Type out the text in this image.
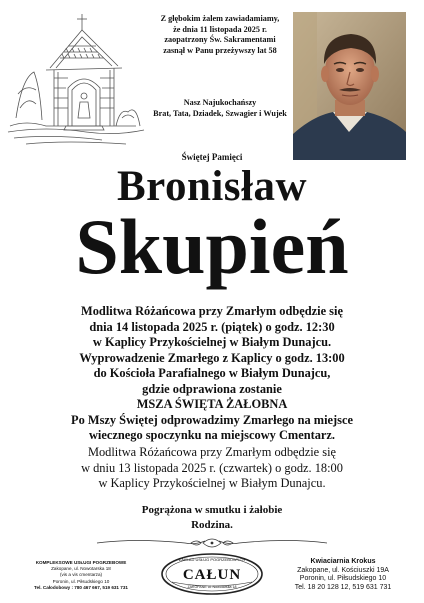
Z głębokim żalem zawiadamiamy,
że dnia 11 listopada 2025 r.
zaopatrzony Św. Sakramentami
zasnął w Panu przeżywszy lat 58
Nasz Najukochańszy
Brat, Tata, Dziadek, Szwagier i Wujek
Świętej Pamięci
Bronisław
Skupień
Modlitwa Różańcowa przy Zmarłym odbędzie się
dnia 14 listopada 2025 r. (piątek) o godz. 12:30
w Kaplicy Przykościelnej w Białym Dunajcu.
Wyprowadzenie Zmarłego z Kaplicy o godz. 13:00
do Kościoła Parafialnego w Białym Dunajcu,
gdzie odprawiona zostanie
MSZA ŚWIĘTA ŻAŁOBNA
Po Mszy Świętej odprowadzimy Zmarłego na miejsce
wiecznego spoczynku na miejscowy Cmentarz.
Modlitwa Różańcowa przy Zmarłym odbędzie się
w dniu 13 listopada 2025 r. (czwartek) o godz. 18:00
w Kaplicy Przykościelnej w Białym Dunajcu.
Pogrążona w smutku i żałobie
Rodzina.
KOMPLEKSOWE USŁUGI POGRZEBOWE
Zakopane, ul. Nowotarska 18
(vis a vis cmentarza)
Poronin, ul. Piłsudskiego 10
Tel. Całodobowy : 780 467 667, 519 631 731
ZAKŁAD USŁUG POGRZEBOWYCH
CAŁUN
ZAKOPANE ul. Nowotarska 18
Kwiaciarnia Krokus
Zakopane, ul. Kościuszki 19A
Poronin, ul. Piłsudskiego 10
Tel. 18 20 128 12, 519 631 731
